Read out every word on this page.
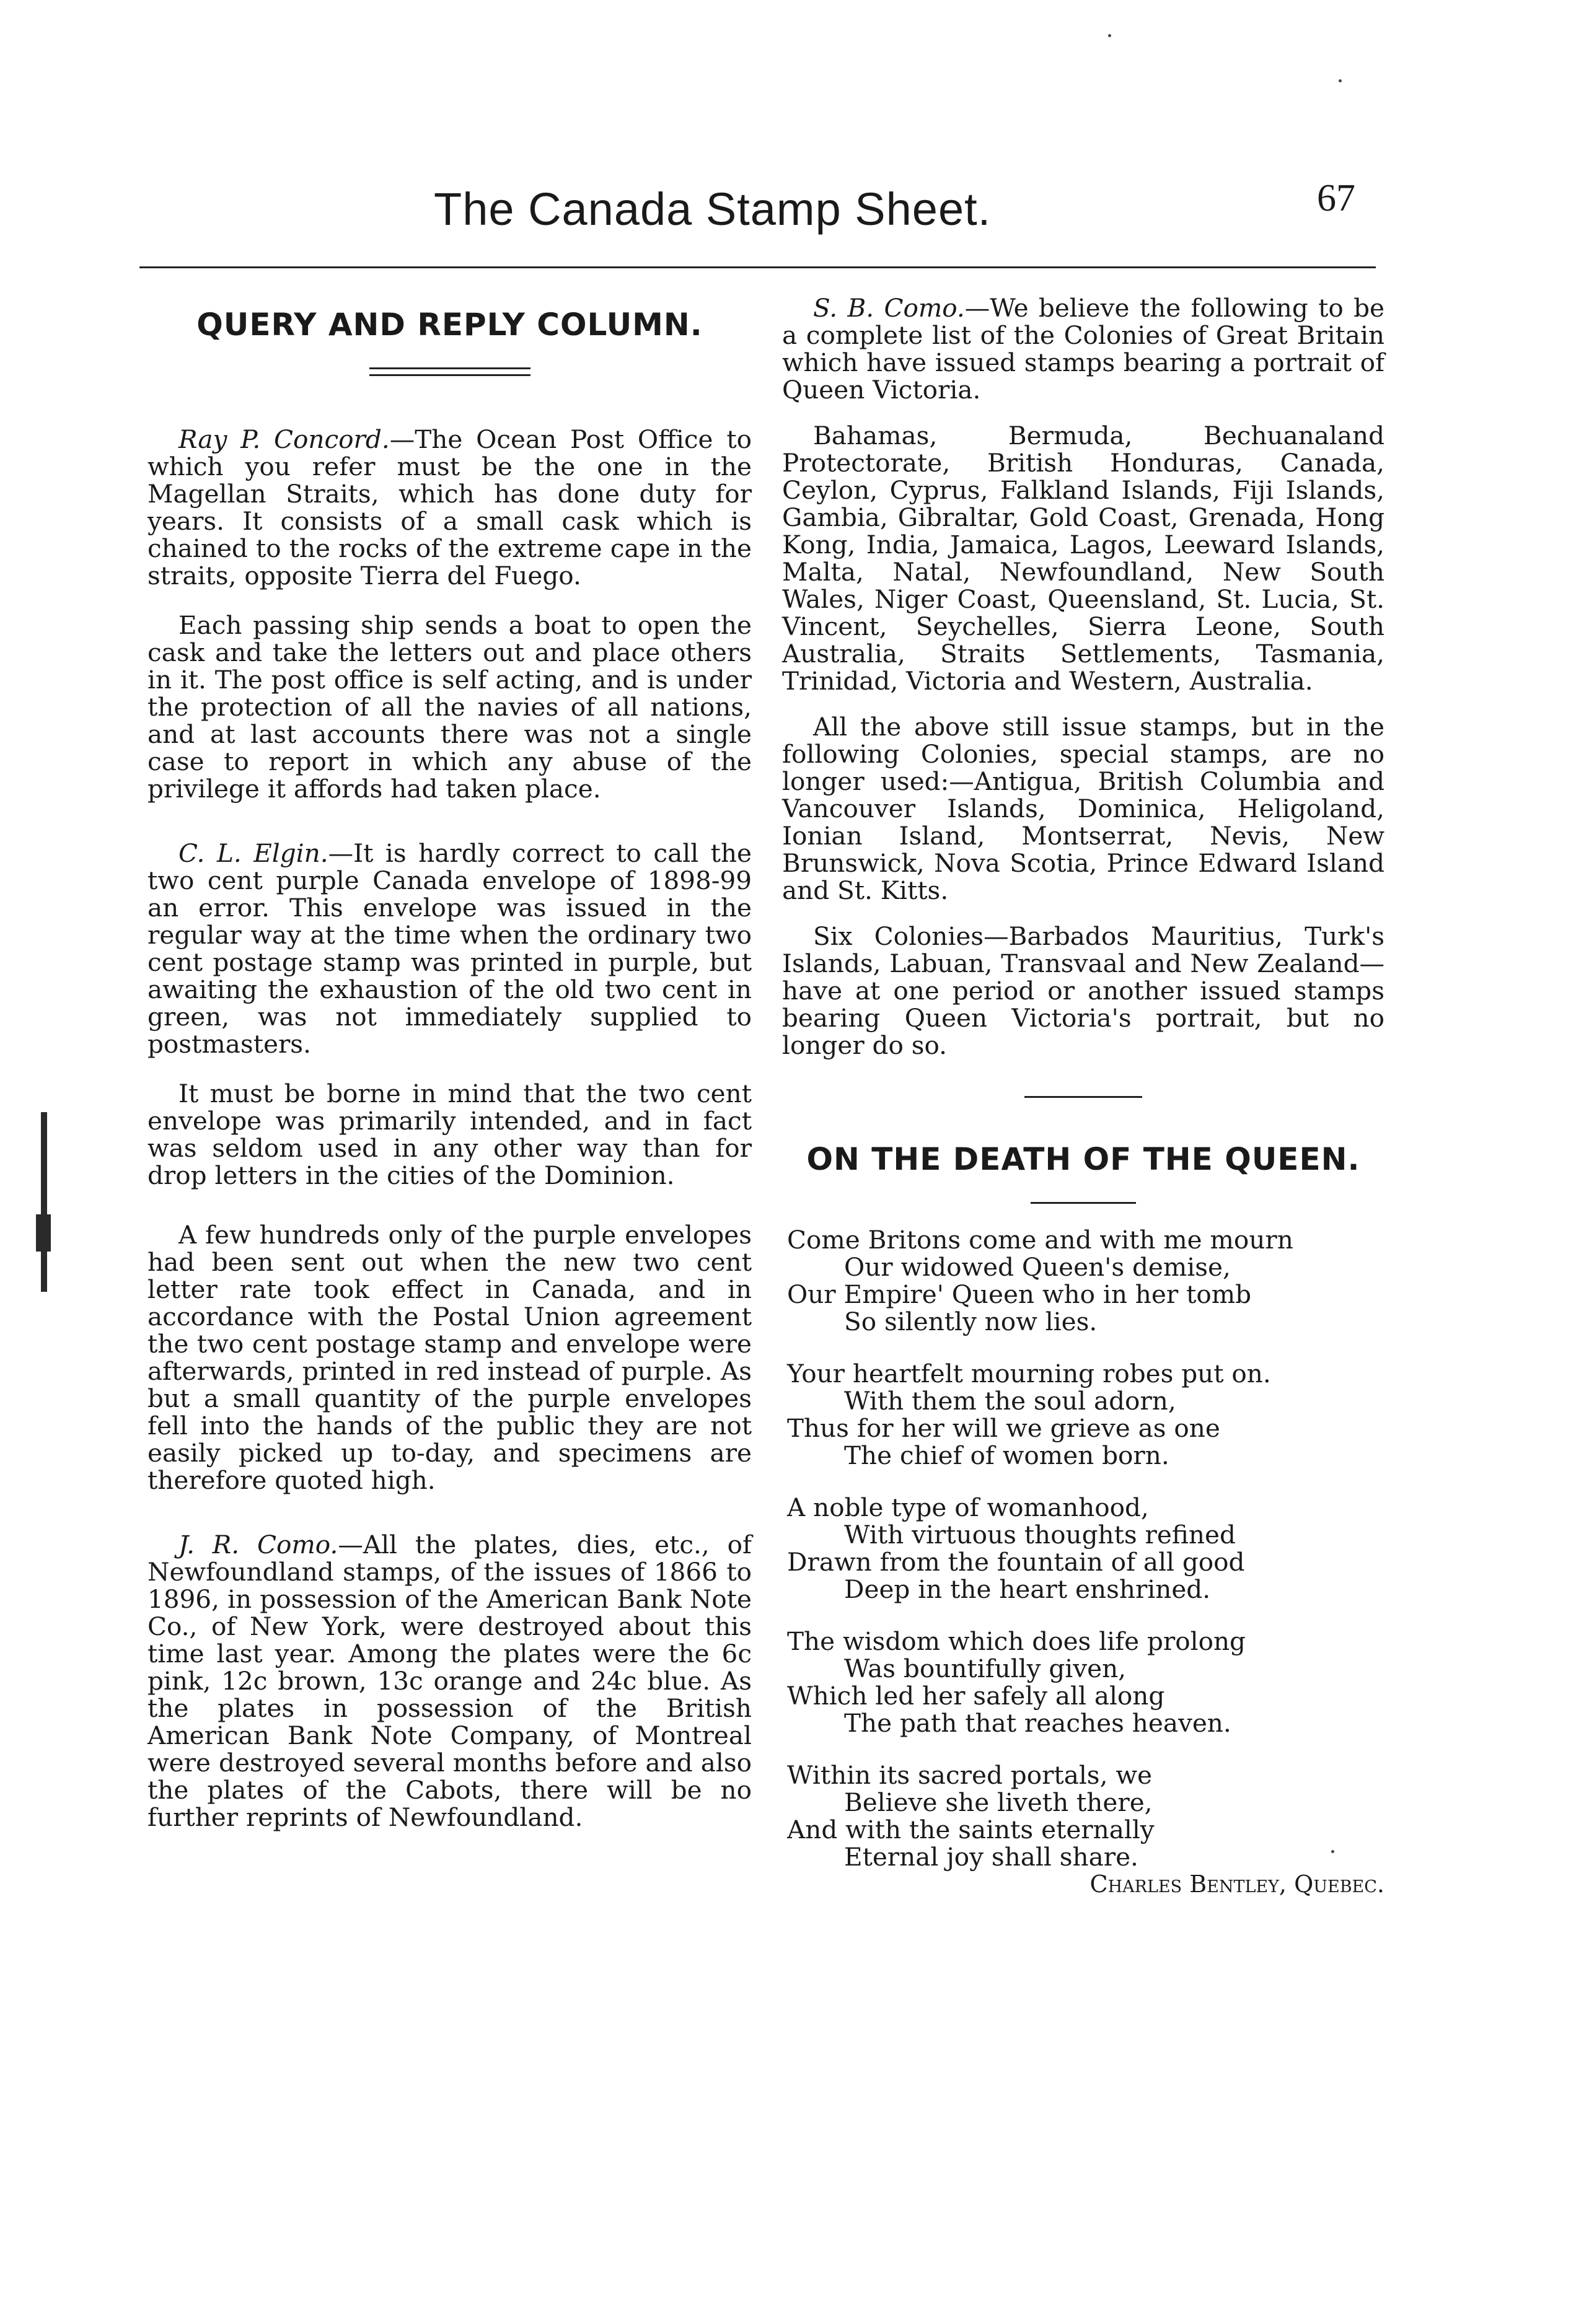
The Canada Stamp Sheet.	67
QUERY AND REPLY COLUMN.

Ray P. Concord.—The Ocean Post Office to which you refer must be the one in the Magellan Straits, which has done duty for years. It consists of a small cask which is chained to the rocks of the extreme cape in the straits, opposite Tierra del Fuego.

Each passing ship sends a boat to open the cask and take the letters out and place others in it. The post office is self acting, and is under the protection of all the navies of all nations, and at last accounts there was not a single case to report in which any abuse of the privilege it affords had taken place.

C. L. Elgin.—It is hardly correct to call the two cent purple Canada envelope of 1898-99 an error. This envelope was issued in the regular way at the time when the ordinary two cent postage stamp was printed in purple, but awaiting the exhaustion of the old two cent in green, was not immediately supplied to postmasters.

It must be borne in mind that the two cent envelope was primarily intended, and in fact was seldom used in any other way than for drop letters in the cities of the Dominion.

A few hundreds only of the purple envelopes had been sent out when the new two cent letter rate took effect in Canada, and in accordance with the Postal Union agreement the two cent postage stamp and envelope were afterwards, printed in red instead of purple. As but a small quantity of the purple envelopes fell into the hands of the public they are not easily picked up to-day, and specimens are therefore quoted high.

J. R. Como.—All the plates, dies, etc., of Newfoundland stamps, of the issues of 1866 to 1896, in possession of the American Bank Note Co., of New York, were destroyed about this time last year. Among the plates were the 6c pink, 12c brown, 13c orange and 24c blue. As the plates in possession of the British American Bank Note Company, of Montreal were destroyed several months before and also the plates of the Cabots, there will be no further reprints of Newfoundland.

S. B. Como.—We believe the following to be a complete list of the Colonies of Great Britain which have issued stamps bearing a portrait of Queen Victoria.

Bahamas, Bermuda, Bechuanaland Protectorate, British Honduras, Canada, Ceylon, Cyprus, Falkland Islands, Fiji Islands, Gambia, Gibraltar, Gold Coast, Grenada, Hong Kong, India, Jamaica, Lagos, Leeward Islands, Malta, Natal, Newfoundland, New South Wales, Niger Coast, Queensland, St. Lucia, St. Vincent, Seychelles, Sierra Leone, South Australia, Straits Settlements, Tasmania, Trinidad, Victoria and Western, Australia.

All the above still issue stamps, but in the following Colonies, special stamps, are no longer used:—Antigua, British Columbia and Vancouver Islands, Dominica, Heligoland, Ionian Island, Montserrat, Nevis, New Brunswick, Nova Scotia, Prince Edward Island and St. Kitts.

Six Colonies—Barbados Mauritius, Turk's Islands, Labuan, Transvaal and New Zealand—have at one period or another issued stamps bearing Queen Victoria's portrait, but no longer do so.

ON THE DEATH OF THE QUEEN.

Come Britons come and with me mourn

Our widowed Queen's demise,

Our Empire' Queen who in her tomb

So silently now lies.

Your heartfelt mourning robes put on.

With them the soul adorn,

Thus for her will we grieve as one

The chief of women born.

A noble type of womanhood,

With virtuous thoughts refined

Drawn from the fountain of all good

Deep in the heart enshrined.

The wisdom which does life prolong

Was bountifully given,

Which led her safely all along

The path that reaches heaven.

Within its sacred portals, we

Believe she liveth there,

And with the saints eternally

Eternal joy shall share.

Charles Bentley, Quebec.
